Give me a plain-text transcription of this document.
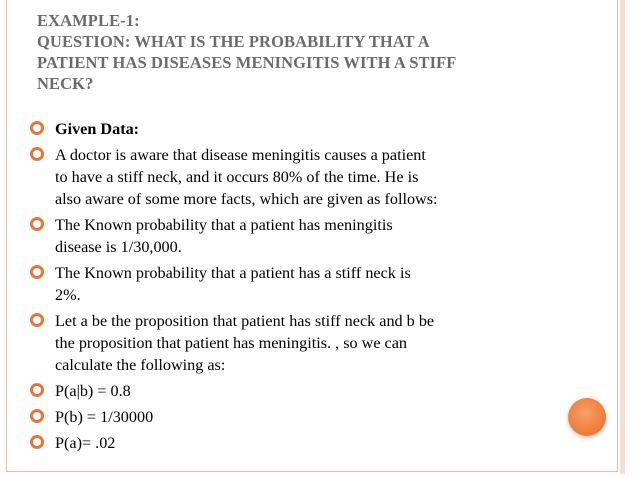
EXAMPLE-1:
QUESTION: WHAT IS THE PROBABILITY THAT A
PATIENT HAS DISEASES MENINGITIS WITH A STIFF
NECK?
Given Data:
A doctor is aware that disease meningitis causes a patient
to have a stiff neck, and it occurs 80% of the time. He is
also aware of some more facts, which are given as follows:
The Known probability that a patient has meningitis
disease is 1/30,000.
The Known probability that a patient has a stiff neck is
2%.
Let a be the proposition that patient has stiff neck and b be
the proposition that patient has meningitis. , so we can
calculate the following as:
P(a|b) = 0.8
P(b) = 1/30000
P(a)= .02
